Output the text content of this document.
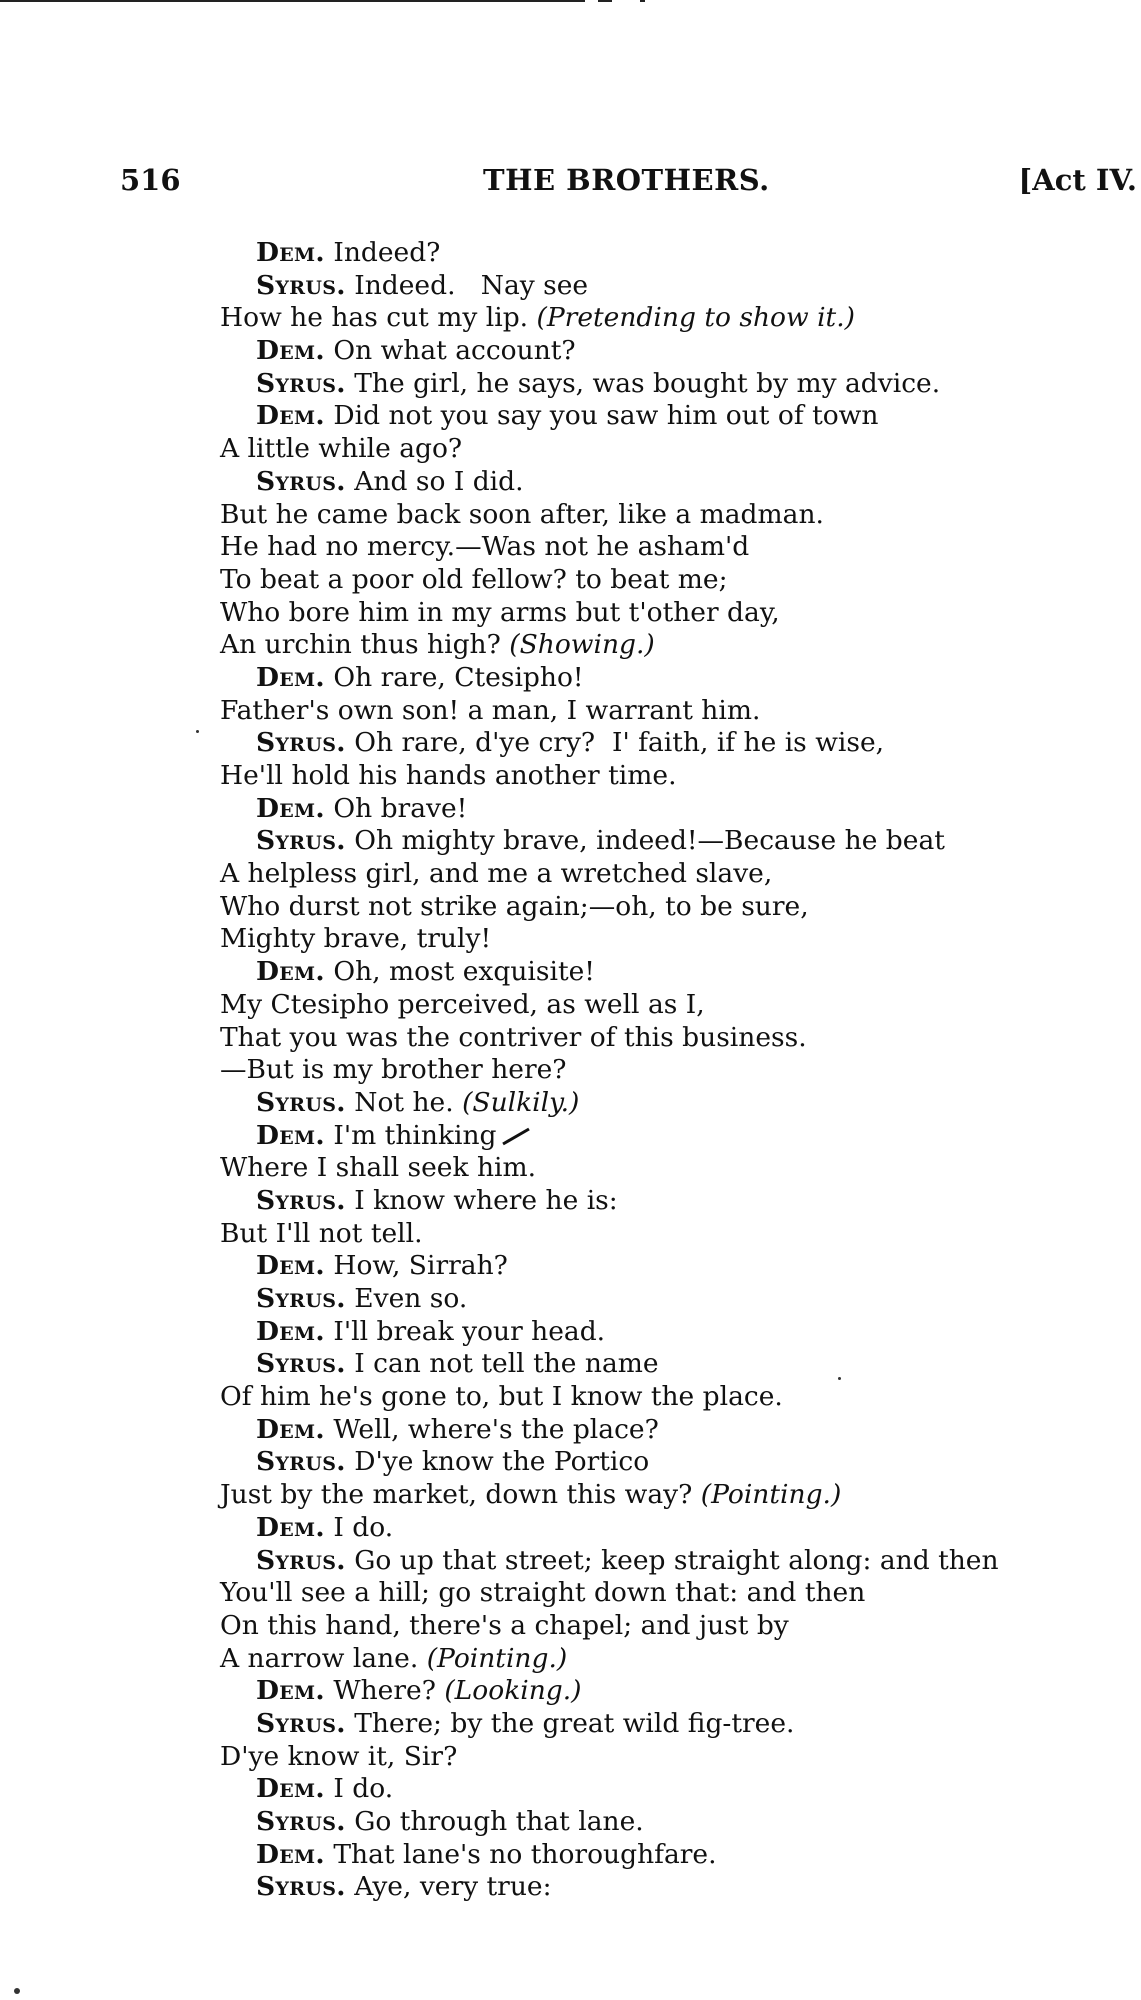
516	THE BROTHERS.	[Act IV.
Dem. Indeed?
Syrus. Indeed.   Nay see
How he has cut my lip. (Pretending to show it.)
Dem. On what account?
Syrus. The girl, he says, was bought by my advice.
Dem. Did not you say you saw him out of town
A little while ago?
Syrus. And so I did.
But he came back soon after, like a madman.
He had no mercy.—Was not he asham'd
To beat a poor old fellow? to beat me;
Who bore him in my arms but t'other day,
An urchin thus high? (Showing.)
Dem. Oh rare, Ctesipho!
Father's own son! a man, I warrant him.
Syrus. Oh rare, d'ye cry?  I' faith, if he is wise,
He'll hold his hands another time.
Dem. Oh brave!
Syrus. Oh mighty brave, indeed!—Because he beat
A helpless girl, and me a wretched slave,
Who durst not strike again;—oh, to be sure,
Mighty brave, truly!
Dem. Oh, most exquisite!
My Ctesipho perceived, as well as I,
That you was the contriver of this business.
—But is my brother here?
Syrus. Not he. (Sulkily.)
Dem. I'm thinking
Where I shall seek him.
Syrus. I know where he is:
But I'll not tell.
Dem. How, Sirrah?
Syrus. Even so.
Dem. I'll break your head.
Syrus. I can not tell the name
Of him he's gone to, but I know the place.
Dem. Well, where's the place?
Syrus. D'ye know the Portico
Just by the market, down this way? (Pointing.)
Dem. I do.
Syrus. Go up that street; keep straight along: and then
You'll see a hill; go straight down that: and then
On this hand, there's a chapel; and just by
A narrow lane. (Pointing.)
Dem. Where? (Looking.)
Syrus. There; by the great wild fig-tree.
D'ye know it, Sir?
Dem. I do.
Syrus. Go through that lane.
Dem. That lane's no thoroughfare.
Syrus. Aye, very true:
